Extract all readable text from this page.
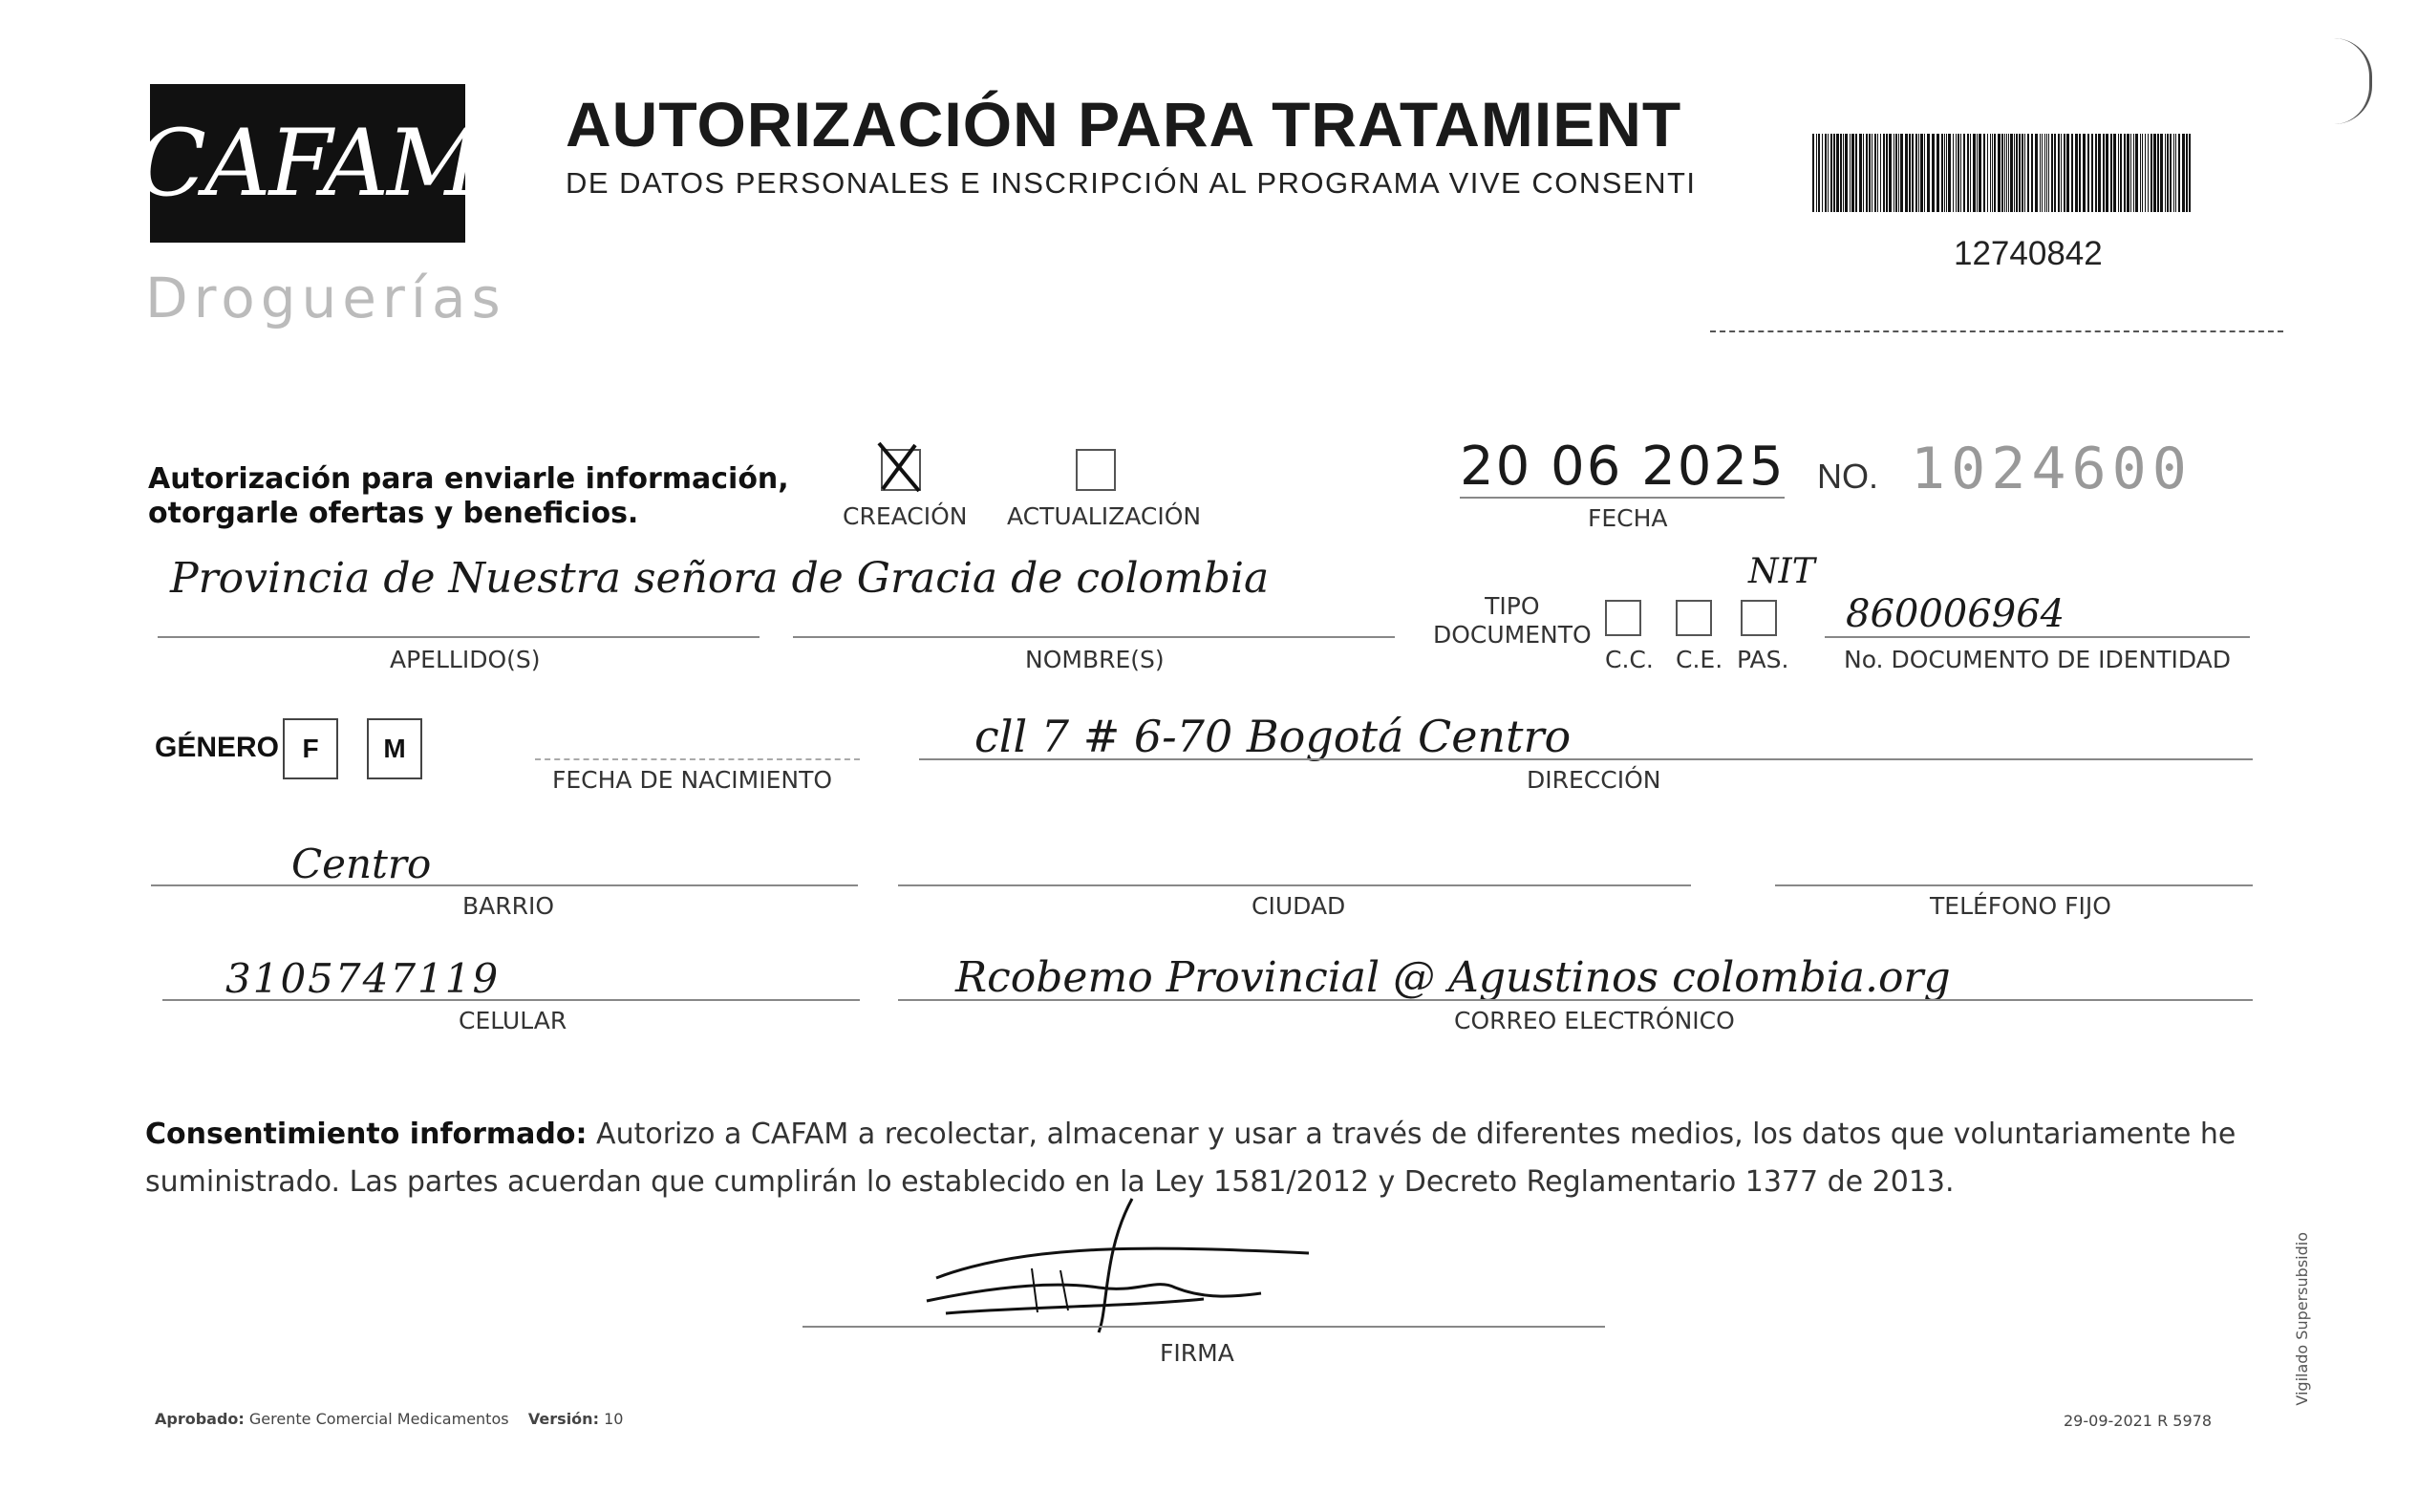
CAFAM
Droguerías
AUTORIZACIÓN PARA TRATAMIENT
DE DATOS PERSONALES E INSCRIPCIÓN AL PROGRAMA VIVE CONSENTI
12740842
Autorización para enviarle información,
otorgarle ofertas y beneficios.	CREACIÓN ACTUALIZACIÓN
20 06 2025
FECHA
NO. 1024600
Provincia de Nuestra señora de Gracia de colombia
APELLIDO(S)	NOMBRE(S)
NIT
TIPO
DOCUMENTO
C.C. C.E. PAS.
860006964
No. DOCUMENTO DE IDENTIDAD
GÉNERO F M
FECHA DE NACIMIENTO
cll 7 # 6-70 Bogotá Centro
DIRECCIÓN
Centro
BARRIO	CIUDAD	TELÉFONO FIJO
3105747119
CELULAR
Rcobemo Provincial @ Agustinos colombia.org
CORREO ELECTRÓNICO
Consentimiento informado: Autorizo a CAFAM a recolectar, almacenar y usar a través de diferentes medios, los datos que voluntariamente he suministrado. Las partes acuerdan que cumplirán lo establecido en la Ley 1581/2012 y Decreto Reglamentario 1377 de 2013.
FIRMA
Aprobado: Gerente Comercial Medicamentos Versión: 10	29-09-2021 R 5978
Vigilado Supersubsidio
